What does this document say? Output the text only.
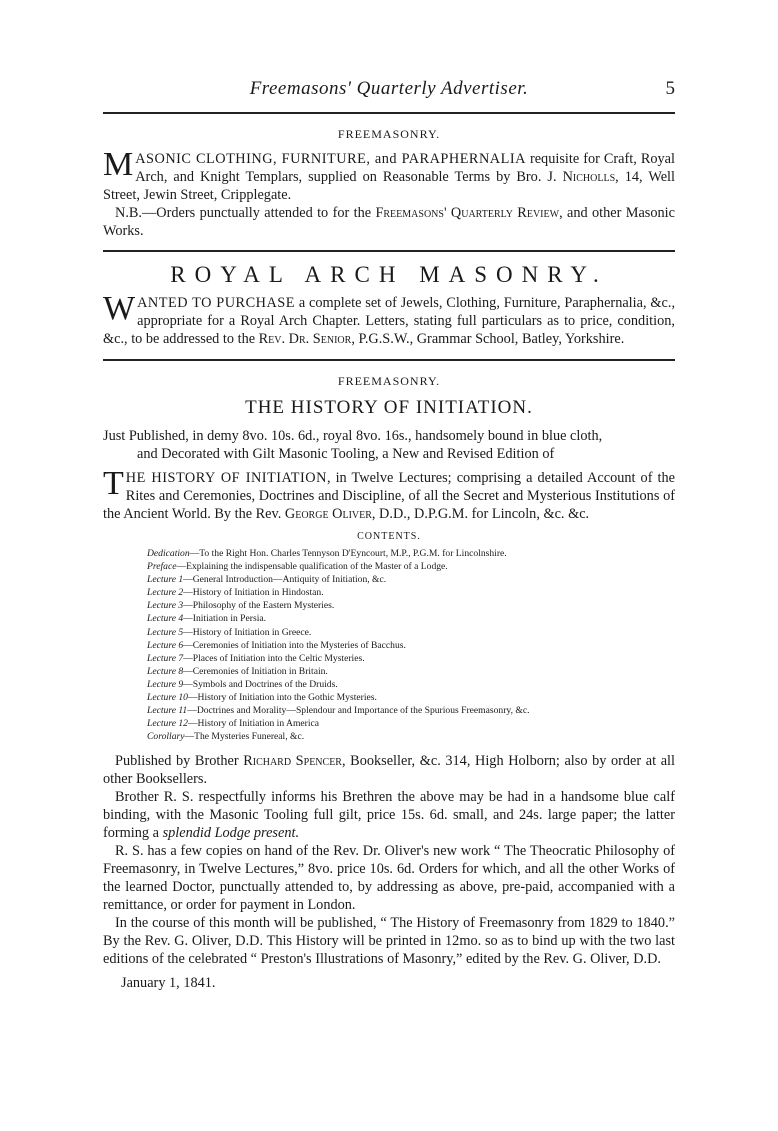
Freemasons' Quarterly Advertiser.	5
FREEMASONRY.

M ASONIC CLOTHING, FURNITURE, and PARAPHERNALIA requisite for Craft, Royal Arch, and Knight Templars, supplied on Reasonable Terms by Bro. J. Nicholls, 14, Well Street, Jewin Street, Cripplegate.

N.B.—Orders punctually attended to for the Freemasons' Quarterly Review, and other Masonic Works.

ROYAL ARCH MASONRY.

W ANTED TO PURCHASE a complete set of Jewels, Clothing, Furniture, Paraphernalia, &c., appropriate for a Royal Arch Chapter. Letters, stating full particulars as to price, condition, &c., to be addressed to the Rev. Dr. Senior, P.G.S.W., Grammar School, Batley, Yorkshire.

FREEMASONRY.
THE HISTORY OF INITIATION.

Just Published, in demy 8vo. 10s. 6d., royal 8vo. 16s., handsomely bound in blue cloth,

and Decorated with Gilt Masonic Tooling, a New and Revised Edition of

T HE HISTORY OF INITIATION, in Twelve Lectures; comprising a detailed Account of the Rites and Ceremonies, Doctrines and Discipline, of all the Secret and Mysterious Institutions of the Ancient World. By the Rev. George Oliver, D.D., D.P.G.M. for Lincoln, &c. &c.

CONTENTS.
Dedication—To the Right Hon. Charles Tennyson D'Eyncourt, M.P., P.G.M. for Lincolnshire.
Preface—Explaining the indispensable qualification of the Master of a Lodge.
Lecture 1—General Introduction—Antiquity of Initiation, &c.
Lecture 2—History of Initiation in Hindostan.
Lecture 3—Philosophy of the Eastern Mysteries.
Lecture 4—Initiation in Persia.
Lecture 5—History of Initiation in Greece.
Lecture 6—Ceremonies of Initiation into the Mysteries of Bacchus.
Lecture 7—Places of Initiation into the Celtic Mysteries.
Lecture 8—Ceremonies of Initiation in Britain.
Lecture 9—Symbols and Doctrines of the Druids.
Lecture 10—History of Initiation into the Gothic Mysteries.
Lecture 11—Doctrines and Morality—Splendour and Importance of the Spurious Freemasonry, &c.
Lecture 12—History of Initiation in America
Corollary—The Mysteries Funereal, &c.

Published by Brother Richard Spencer, Bookseller, &c. 314, High Holborn; also by order at all other Booksellers.

Brother R. S. respectfully informs his Brethren the above may be had in a handsome blue calf binding, with the Masonic Tooling full gilt, price 15s. 6d. small, and 24s. large paper; the latter forming a splendid Lodge present.

R. S. has a few copies on hand of the Rev. Dr. Oliver's new work “ The Theocratic Philosophy of Freemasonry, in Twelve Lectures,” 8vo. price 10s. 6d. Orders for which, and all the other Works of the learned Doctor, punctually attended to, by addressing as above, pre-paid, accompanied with a remittance, or order for payment in London.

In the course of this month will be published, “ The History of Freemasonry from 1829 to 1840.” By the Rev. G. Oliver, D.D. This History will be printed in 12mo. so as to bind up with the two last editions of the celebrated “ Preston's Illustrations of Masonry,” edited by the Rev. G. Oliver, D.D.

January 1, 1841.
